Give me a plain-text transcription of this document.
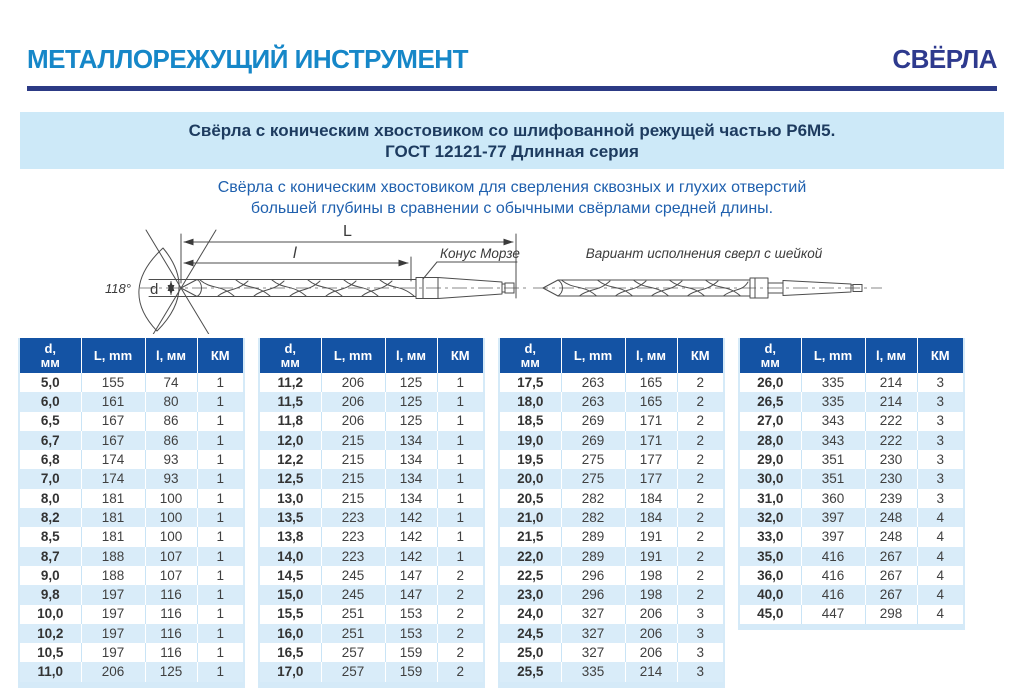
МЕТАЛЛОРЕЖУЩИЙ ИНСТРУМЕНТ	СВЁРЛА
Свёрла с коническим хвостовиком со шлифованной режущей частью Р6М5.
ГОСТ 12121-77 Длинная серия
Свёрла с коническим хвостовиком для сверления сквозных и глухих отверстий
большей глубины в сравнении с обычными свёрлами средней длины.
d
118°
L
l	Конус Морзе	Вариант исполнения сверл с шейкой
d,
мм	L, mm	l, мм	КМ

5,0	155	74	1
6,0	161	80	1
6,5	167	86	1
6,7	167	86	1
6,8	174	93	1
7,0	174	93	1
8,0	181	100	1
8,2	181	100	1
8,5	181	100	1
8,7	188	107	1
9,0	188	107	1
9,8	197	116	1
10,0	197	116	1
10,2	197	116	1
10,5	197	116	1
11,0	206	125	1
d,
мм	L, mm	l, мм	КМ

11,2	206	125	1
11,5	206	125	1
11,8	206	125	1
12,0	215	134	1
12,2	215	134	1
12,5	215	134	1
13,0	215	134	1
13,5	223	142	1
13,8	223	142	1
14,0	223	142	1
14,5	245	147	2
15,0	245	147	2
15,5	251	153	2
16,0	251	153	2
16,5	257	159	2
17,0	257	159	2
d,
мм	L, mm	l, мм	КМ

17,5	263	165	2
18,0	263	165	2
18,5	269	171	2
19,0	269	171	2
19,5	275	177	2
20,0	275	177	2
20,5	282	184	2
21,0	282	184	2
21,5	289	191	2
22,0	289	191	2
22,5	296	198	2
23,0	296	198	2
24,0	327	206	3
24,5	327	206	3
25,0	327	206	3
25,5	335	214	3
d,
мм	L, mm	l, мм	КМ

26,0	335	214	3
26,5	335	214	3
27,0	343	222	3
28,0	343	222	3
29,0	351	230	3
30,0	351	230	3
31,0	360	239	3
32,0	397	248	4
33,0	397	248	4
35,0	416	267	4
36,0	416	267	4
40,0	416	267	4
45,0	447	298	4
